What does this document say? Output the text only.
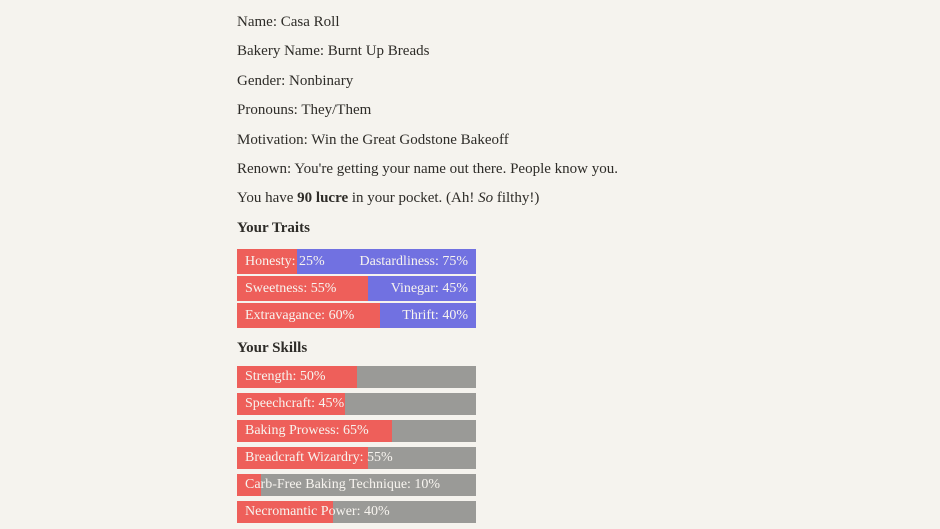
Name: Casa Roll

Bakery Name: Burnt Up Breads

Gender: Nonbinary

Pronouns: They/Them

Motivation: Win the Great Godstone Bakeoff

Renown: You're getting your name out there. People know you.

You have 90 lucre in your pocket. (Ah! So filthy!)

Your Traits
Honesty: 25% Dastardliness: 75%
Sweetness: 55%	Vinegar: 45%
Extravagance: 60%	Thrift: 40%
Your Skills
Strength: 50%
Speechcraft: 45%
Baking Prowess: 65%
Breadcraft Wizardry: 55%
Carb-Free Baking Technique: 10%
Necromantic Power: 40%
